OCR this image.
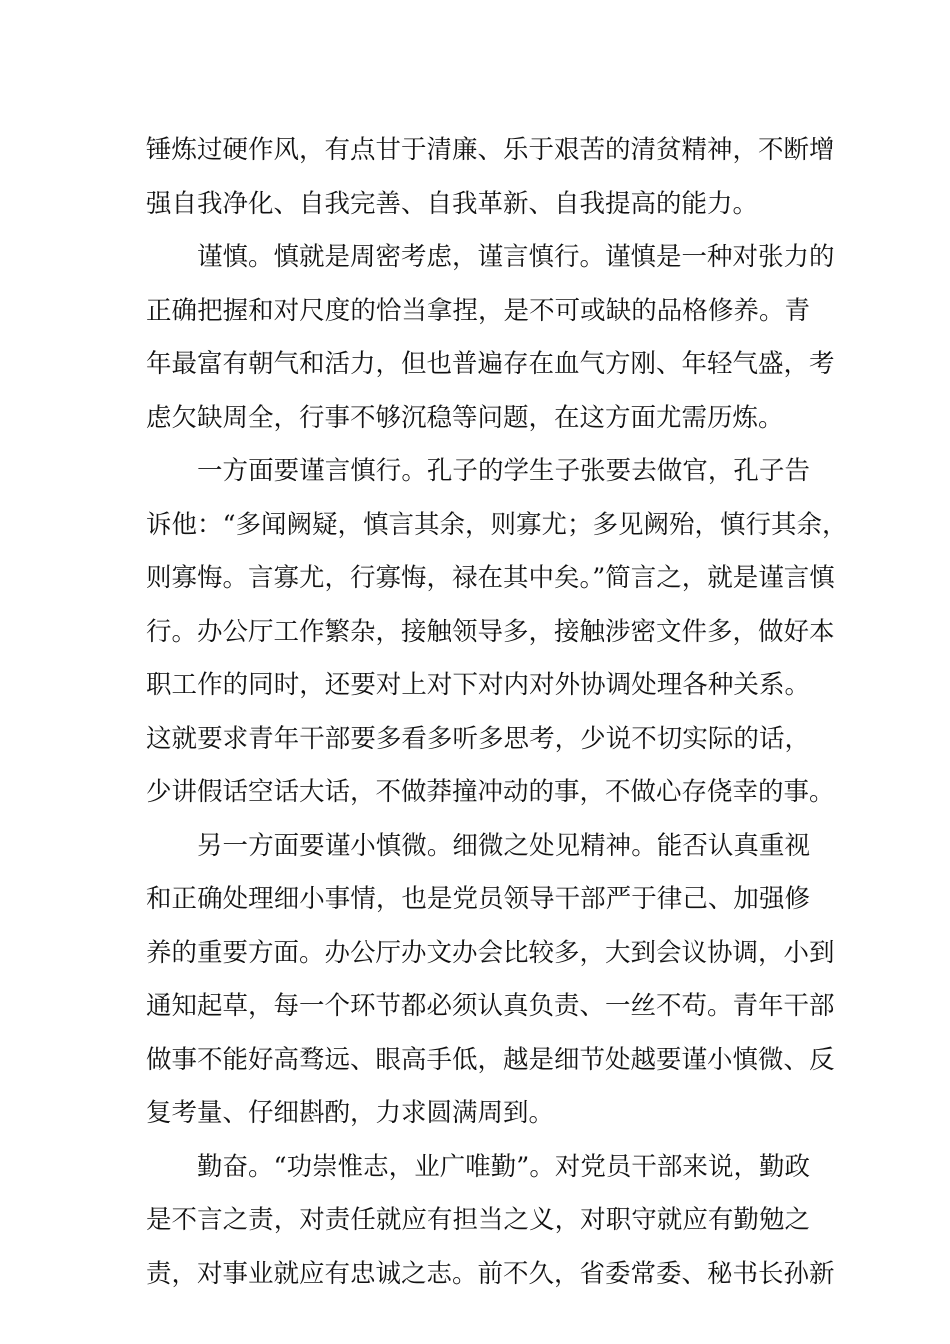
锤炼过硬作风，有点甘于清廉、乐于艰苦的清贫精神，不断增
强自我净化、自我完善、自我革新、自我提高的能力。
谨慎。慎就是周密考虑，谨言慎行。谨慎是一种对张力的
正确把握和对尺度的恰当拿捏，是不可或缺的品格修养。青
年最富有朝气和活力，但也普遍存在血气方刚、年轻气盛，考
虑欠缺周全，行事不够沉稳等问题，在这方面尤需历炼。
一方面要谨言慎行。孔子的学生子张要去做官，孔子告
诉他：“多闻阙疑，慎言其余，则寡尤；多见阙殆，慎行其余，
则寡悔。言寡尤，行寡悔，禄在其中矣。”简言之，就是谨言慎
行。办公厅工作繁杂，接触领导多，接触涉密文件多，做好本
职工作的同时，还要对上对下对内对外协调处理各种关系。
这就要求青年干部要多看多听多思考，少说不切实际的话，
少讲假话空话大话，不做莽撞冲动的事，不做心存侥幸的事。
另一方面要谨小慎微。细微之处见精神。能否认真重视
和正确处理细小事情，也是党员领导干部严于律己、加强修
养的重要方面。办公厅办文办会比较多，大到会议协调，小到
通知起草，每一个环节都必须认真负责、一丝不苟。青年干部
做事不能好高骛远、眼高手低，越是细节处越要谨小慎微、反
复考量、仔细斟酌，力求圆满周到。
勤奋。“功崇惟志，业广唯勤”。对党员干部来说，勤政
是不言之责，对责任就应有担当之义，对职守就应有勤勉之
责，对事业就应有忠诚之志。前不久，省委常委、秘书长孙新
